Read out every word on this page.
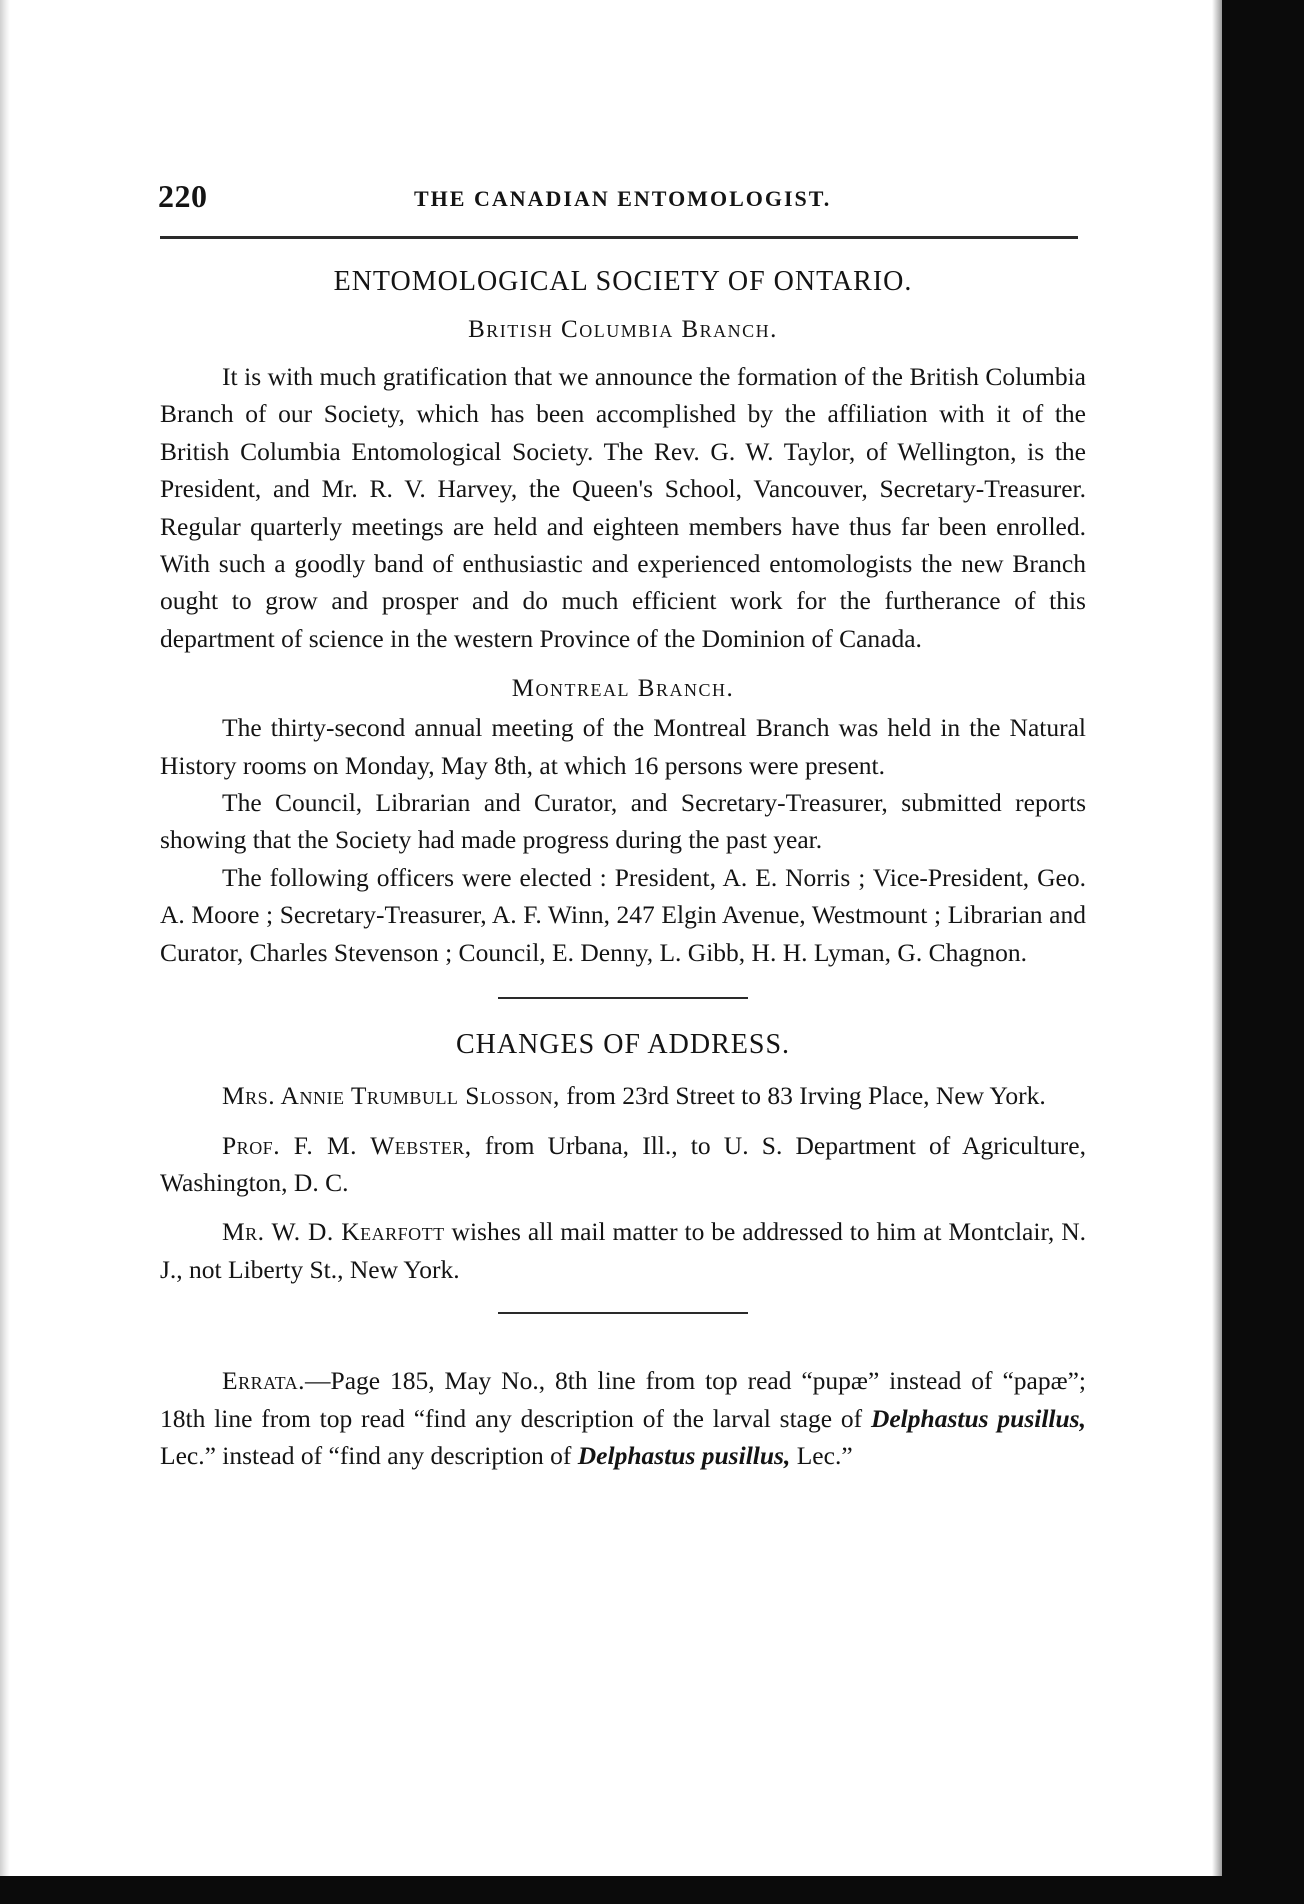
220	THE CANADIAN ENTOMOLOGIST.
ENTOMOLOGICAL SOCIETY OF ONTARIO.
British Columbia Branch.

It is with much gratification that we announce the formation of the British Columbia Branch of our Society, which has been accomplished by the affiliation with it of the British Columbia Entomological Society. The Rev. G. W. Taylor, of Wellington, is the President, and Mr. R. V. Harvey, the Queen's School, Vancouver, Secretary-Treasurer. Regular quarterly meetings are held and eighteen members have thus far been enrolled. With such a goodly band of enthusiastic and experienced entomologists the new Branch ought to grow and prosper and do much efficient work for the furtherance of this department of science in the western Province of the Dominion of Canada.

Montreal Branch.

The thirty-second annual meeting of the Montreal Branch was held in the Natural History rooms on Monday, May 8th, at which 16 persons were present.

The Council, Librarian and Curator, and Secretary-Treasurer, submitted reports showing that the Society had made progress during the past year.

The following officers were elected : President, A. E. Norris ; Vice-President, Geo. A. Moore ; Secretary-Treasurer, A. F. Winn, 247 Elgin Avenue, Westmount ; Librarian and Curator, Charles Stevenson ; Council, E. Denny, L. Gibb, H. H. Lyman, G. Chagnon.

CHANGES OF ADDRESS.

Mrs. Annie Trumbull Slosson, from 23rd Street to 83 Irving Place, New York.

Prof. F. M. Webster, from Urbana, Ill., to U. S. Department of Agriculture, Washington, D. C.

Mr. W. D. Kearfott wishes all mail matter to be addressed to him at Montclair, N. J., not Liberty St., New York.

Errata.—Page 185, May No., 8th line from top read “pupæ” instead of “papæ”; 18th line from top read “find any description of the larval stage of Delphastus pusillus, Lec.” instead of “find any description of Delphastus pusillus, Lec.”
